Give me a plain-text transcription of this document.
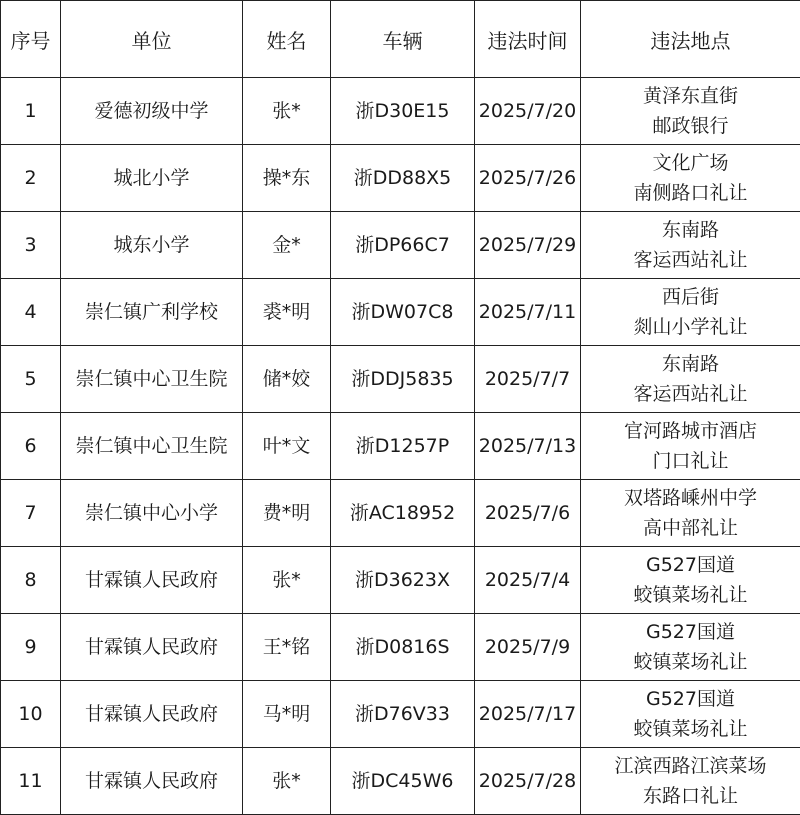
序号	单位	姓名	车辆	违法时间	违法地点
1	爱德初级中学	张*	浙D30E15	2025/7/20	黄泽东直街
邮政银行

2	城北小学	操*东	浙DD88X5	2025/7/26	文化广场
南侧路口礼让

3	城东小学	金*	浙DP66C7	2025/7/29	东南路
客运西站礼让

4	崇仁镇广利学校	裘*明	浙DW07C8	2025/7/11	西后街
剡山小学礼让

5	崇仁镇中心卫生院	储*姣	浙DDJ5835	2025/7/7	东南路
客运西站礼让

6	崇仁镇中心卫生院	叶*文	浙D1257P	2025/7/13	官河路城市酒店
门口礼让

7	崇仁镇中心小学	费*明	浙AC18952	2025/7/6	双塔路嵊州中学
高中部礼让

8	甘霖镇人民政府	张*	浙D3623X	2025/7/4	G527国道
蛟镇菜场礼让

9	甘霖镇人民政府	王*铭	浙D0816S	2025/7/9	G527国道
蛟镇菜场礼让

10	甘霖镇人民政府	马*明	浙D76V33	2025/7/17	G527国道
蛟镇菜场礼让

11	甘霖镇人民政府	张*	浙DC45W6	2025/7/28	江滨西路江滨菜场
东路口礼让
